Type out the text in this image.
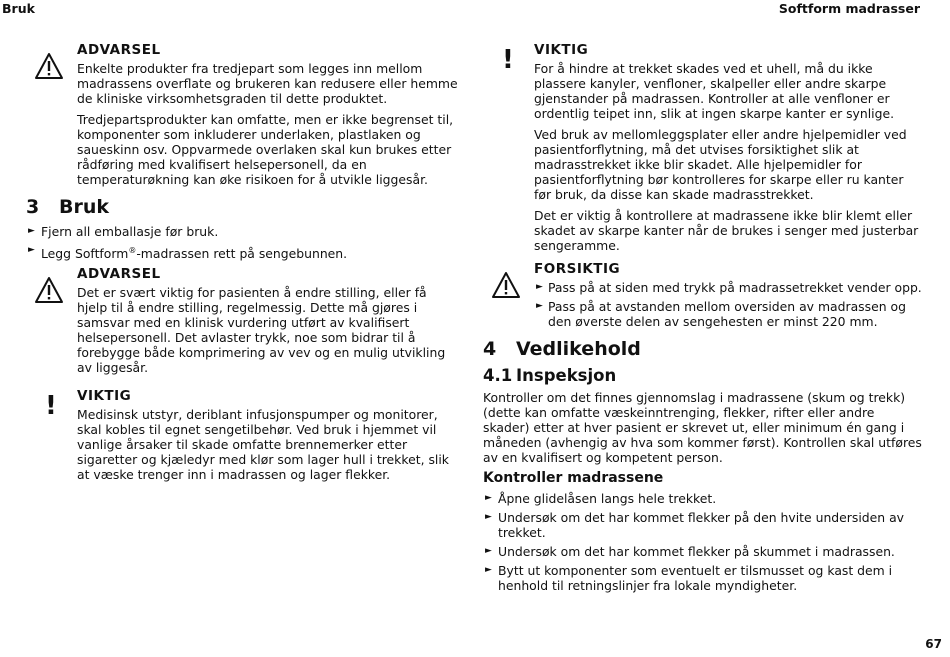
Bruk	Softform madrasser
ADVARSEL

Enkelte produkter fra tredjepart som legges inn mellom madrassens overflate og brukeren kan redusere eller hemme de kliniske virksomhetsgraden til dette produktet.

Tredjepartsprodukter kan omfatte, men er ikke begrenset til, komponenter som inkluderer underlaken, plastlaken og saueskinn osv. Oppvarmede overlaken skal kun brukes etter rådføring med kvalifisert helsepersonell, da en temperaturøkning kan øke risikoen for å utvikle liggesår.

3 Bruk
► Fjern all emballasje før bruk.
► Legg Softform®-madrassen rett på sengebunnen.
ADVARSEL

Det er svært viktig for pasienten å endre stilling, eller få hjelp til å endre stilling, regelmessig. Dette må gjøres i samsvar med en klinisk vurdering utført av kvalifisert helsepersonell. Det avlaster trykk, noe som bidrar til å forebygge både komprimering av vev og en mulig utvikling av liggesår.

! VIKTIG

Medisinsk utstyr, deriblant infusjonspumper og monitorer, skal kobles til egnet sengetilbehør. Ved bruk i hjemmet vil vanlige årsaker til skade omfatte brennemerker etter sigaretter og kjæledyr med klør som lager hull i trekket, slik at væske trenger inn i madrassen og lager flekker.

! VIKTIG

For å hindre at trekket skades ved et uhell, må du ikke plassere kanyler, venfloner, skalpeller eller andre skarpe gjenstander på madrassen. Kontroller at alle venfloner er ordentlig teipet inn, slik at ingen skarpe kanter er synlige.

Ved bruk av mellomleggsplater eller andre hjelpemidler ved pasientforflytning, må det utvises forsiktighet slik at madrasstrekket ikke blir skadet. Alle hjelpemidler for pasientforflytning bør kontrolleres for skarpe eller ru kanter før bruk, da disse kan skade madrasstrekket.

Det er viktig å kontrollere at madrassene ikke blir klemt eller skadet av skarpe kanter når de brukes i senger med justerbar sengeramme.

FORSIKTIG
► Pass på at siden med trykk på madrassetrekket vender opp.
► Pass på at avstanden mellom oversiden av madrassen og den øverste delen av sengehesten er minst 220 mm.
4 Vedlikehold
4.1 Inspeksjon

Kontroller om det finnes gjennomslag i madrassene (skum og trekk) (dette kan omfatte væskeinntrenging, flekker, rifter eller andre skader) etter at hver pasient er skrevet ut, eller minimum én gang i måneden (avhengig av hva som kommer først). Kontrollen skal utføres av en kvalifisert og kompetent person.

Kontroller madrassene
► Åpne glidelåsen langs hele trekket.
► Undersøk om det har kommet flekker på den hvite undersiden av trekket.
► Undersøk om det har kommet flekker på skummet i madrassen.
► Bytt ut komponenter som eventuelt er tilsmusset og kast dem i henhold til retningslinjer fra lokale myndigheter.
67
